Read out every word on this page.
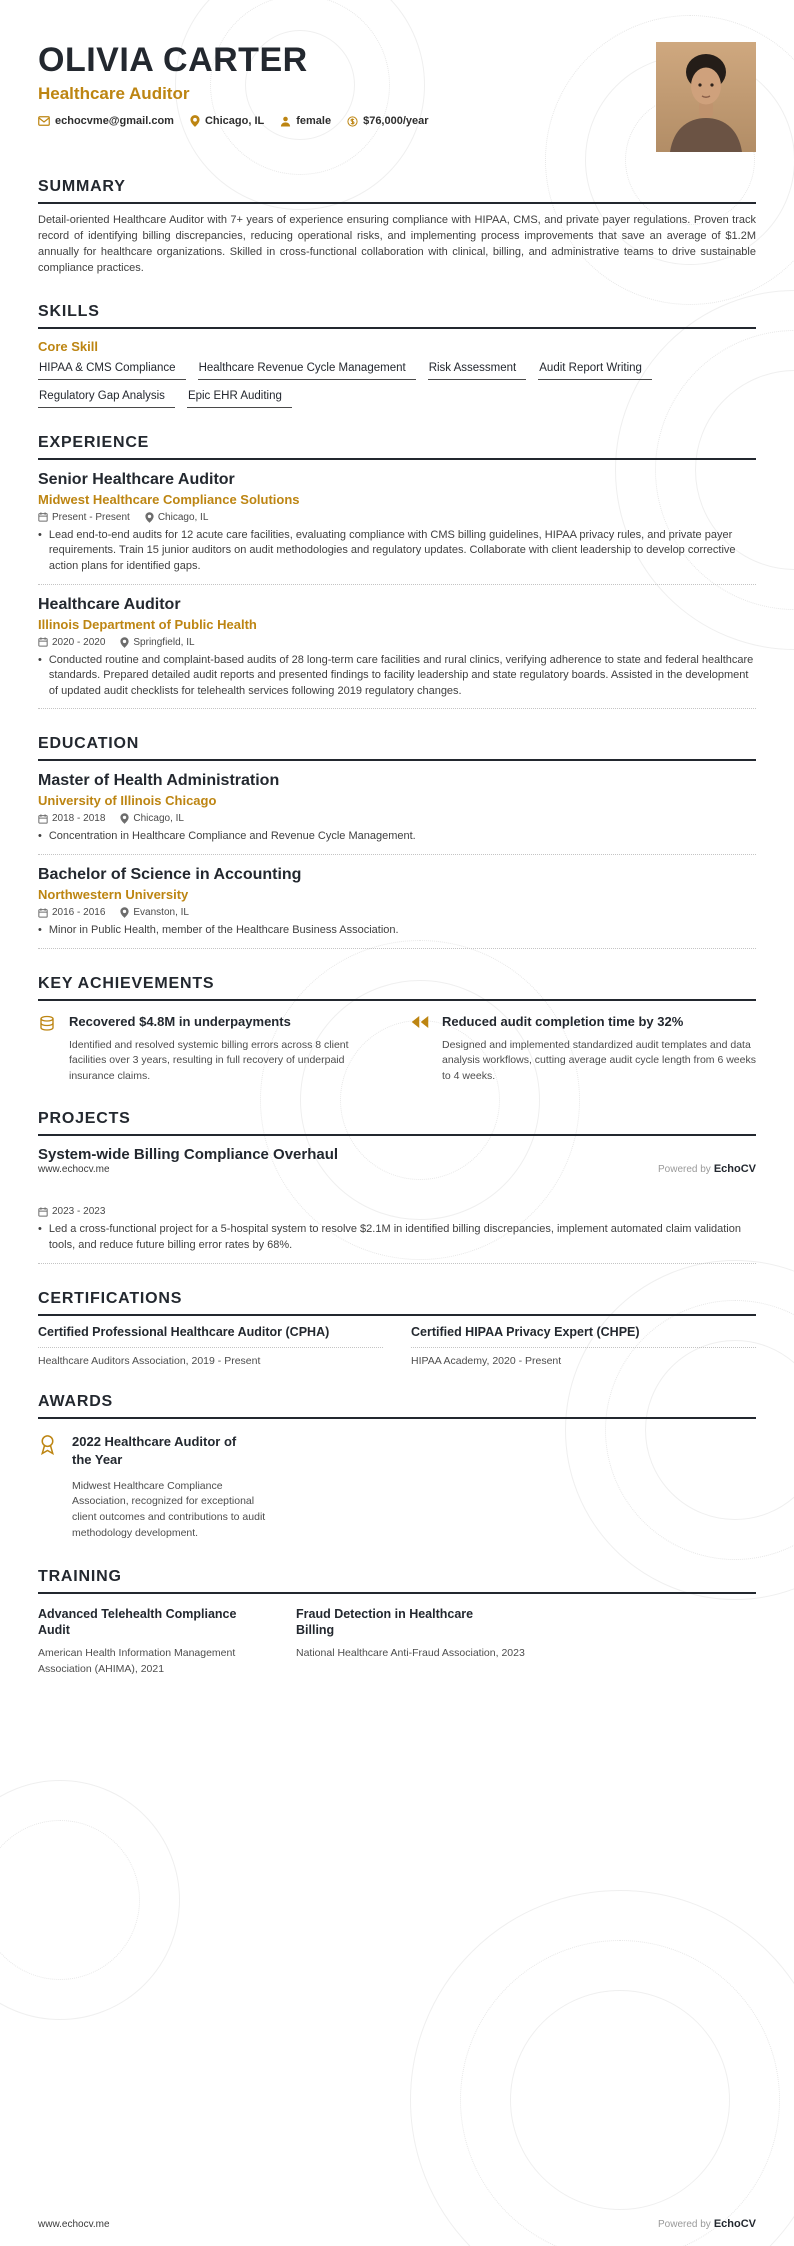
OLIVIA CARTER
Healthcare Auditor
echocvme@gmail.com	Chicago, IL	female	$76,000/year
SUMMARY

Detail-oriented Healthcare Auditor with 7+ years of experience ensuring compliance with HIPAA, CMS, and private payer regulations. Proven track record of identifying billing discrepancies, reducing operational risks, and implementing process improvements that save an average of $1.2M annually for healthcare organizations. Skilled in cross-functional collaboration with clinical, billing, and administrative teams to drive sustainable compliance practices.

SKILLS
Core Skill
HIPAA & CMS Compliance	Healthcare Revenue Cycle Management	Risk Assessment	Audit Report Writing
Regulatory Gap Analysis	Epic EHR Auditing
EXPERIENCE
Senior Healthcare Auditor
Midwest Healthcare Compliance Solutions
Present - Present	Chicago, IL
• Lead end-to-end audits for 12 acute care facilities, evaluating compliance with CMS billing guidelines, HIPAA privacy rules, and private payer requirements. Train 15 junior auditors on audit methodologies and regulatory updates. Collaborate with client leadership to develop corrective action plans for identified gaps.
Healthcare Auditor
Illinois Department of Public Health
2020 - 2020	Springfield, IL
• Conducted routine and complaint-based audits of 28 long-term care facilities and rural clinics, verifying adherence to state and federal healthcare standards. Prepared detailed audit reports and presented findings to facility leadership and state regulatory boards. Assisted in the development of updated audit checklists for telehealth services following 2019 regulatory changes.
EDUCATION
Master of Health Administration
University of Illinois Chicago
2018 - 2018	Chicago, IL
• Concentration in Healthcare Compliance and Revenue Cycle Management.
Bachelor of Science in Accounting
Northwestern University
2016 - 2016	Evanston, IL
• Minor in Public Health, member of the Healthcare Business Association.
KEY ACHIEVEMENTS
Recovered $4.8M in underpayments
Identified and resolved systemic billing errors across 8 client facilities over 3 years, resulting in full recovery of underpaid insurance claims.
Reduced audit completion time by 32%
Designed and implemented standardized audit templates and data analysis workflows, cutting average audit cycle length from 6 weeks to 4 weeks.
PROJECTS
System-wide Billing Compliance Overhaul
www.echocv.me	Powered by EchoCV
2023 - 2023
• Led a cross-functional project for a 5-hospital system to resolve $2.1M in identified billing discrepancies, implement automated claim validation tools, and reduce future billing error rates by 68%.
CERTIFICATIONS
Certified Professional Healthcare Auditor (CPHA)
Healthcare Auditors Association, 2019 - Present
Certified HIPAA Privacy Expert (CHPE)
HIPAA Academy, 2020 - Present
AWARDS
2022 Healthcare Auditor of the Year
Midwest Healthcare Compliance Association, recognized for exceptional client outcomes and contributions to audit methodology development.
TRAINING
Advanced Telehealth Compliance Audit
American Health Information Management Association (AHIMA), 2021
Fraud Detection in Healthcare Billing
National Healthcare Anti-Fraud Association, 2023
www.echocv.me	Powered by EchoCV
